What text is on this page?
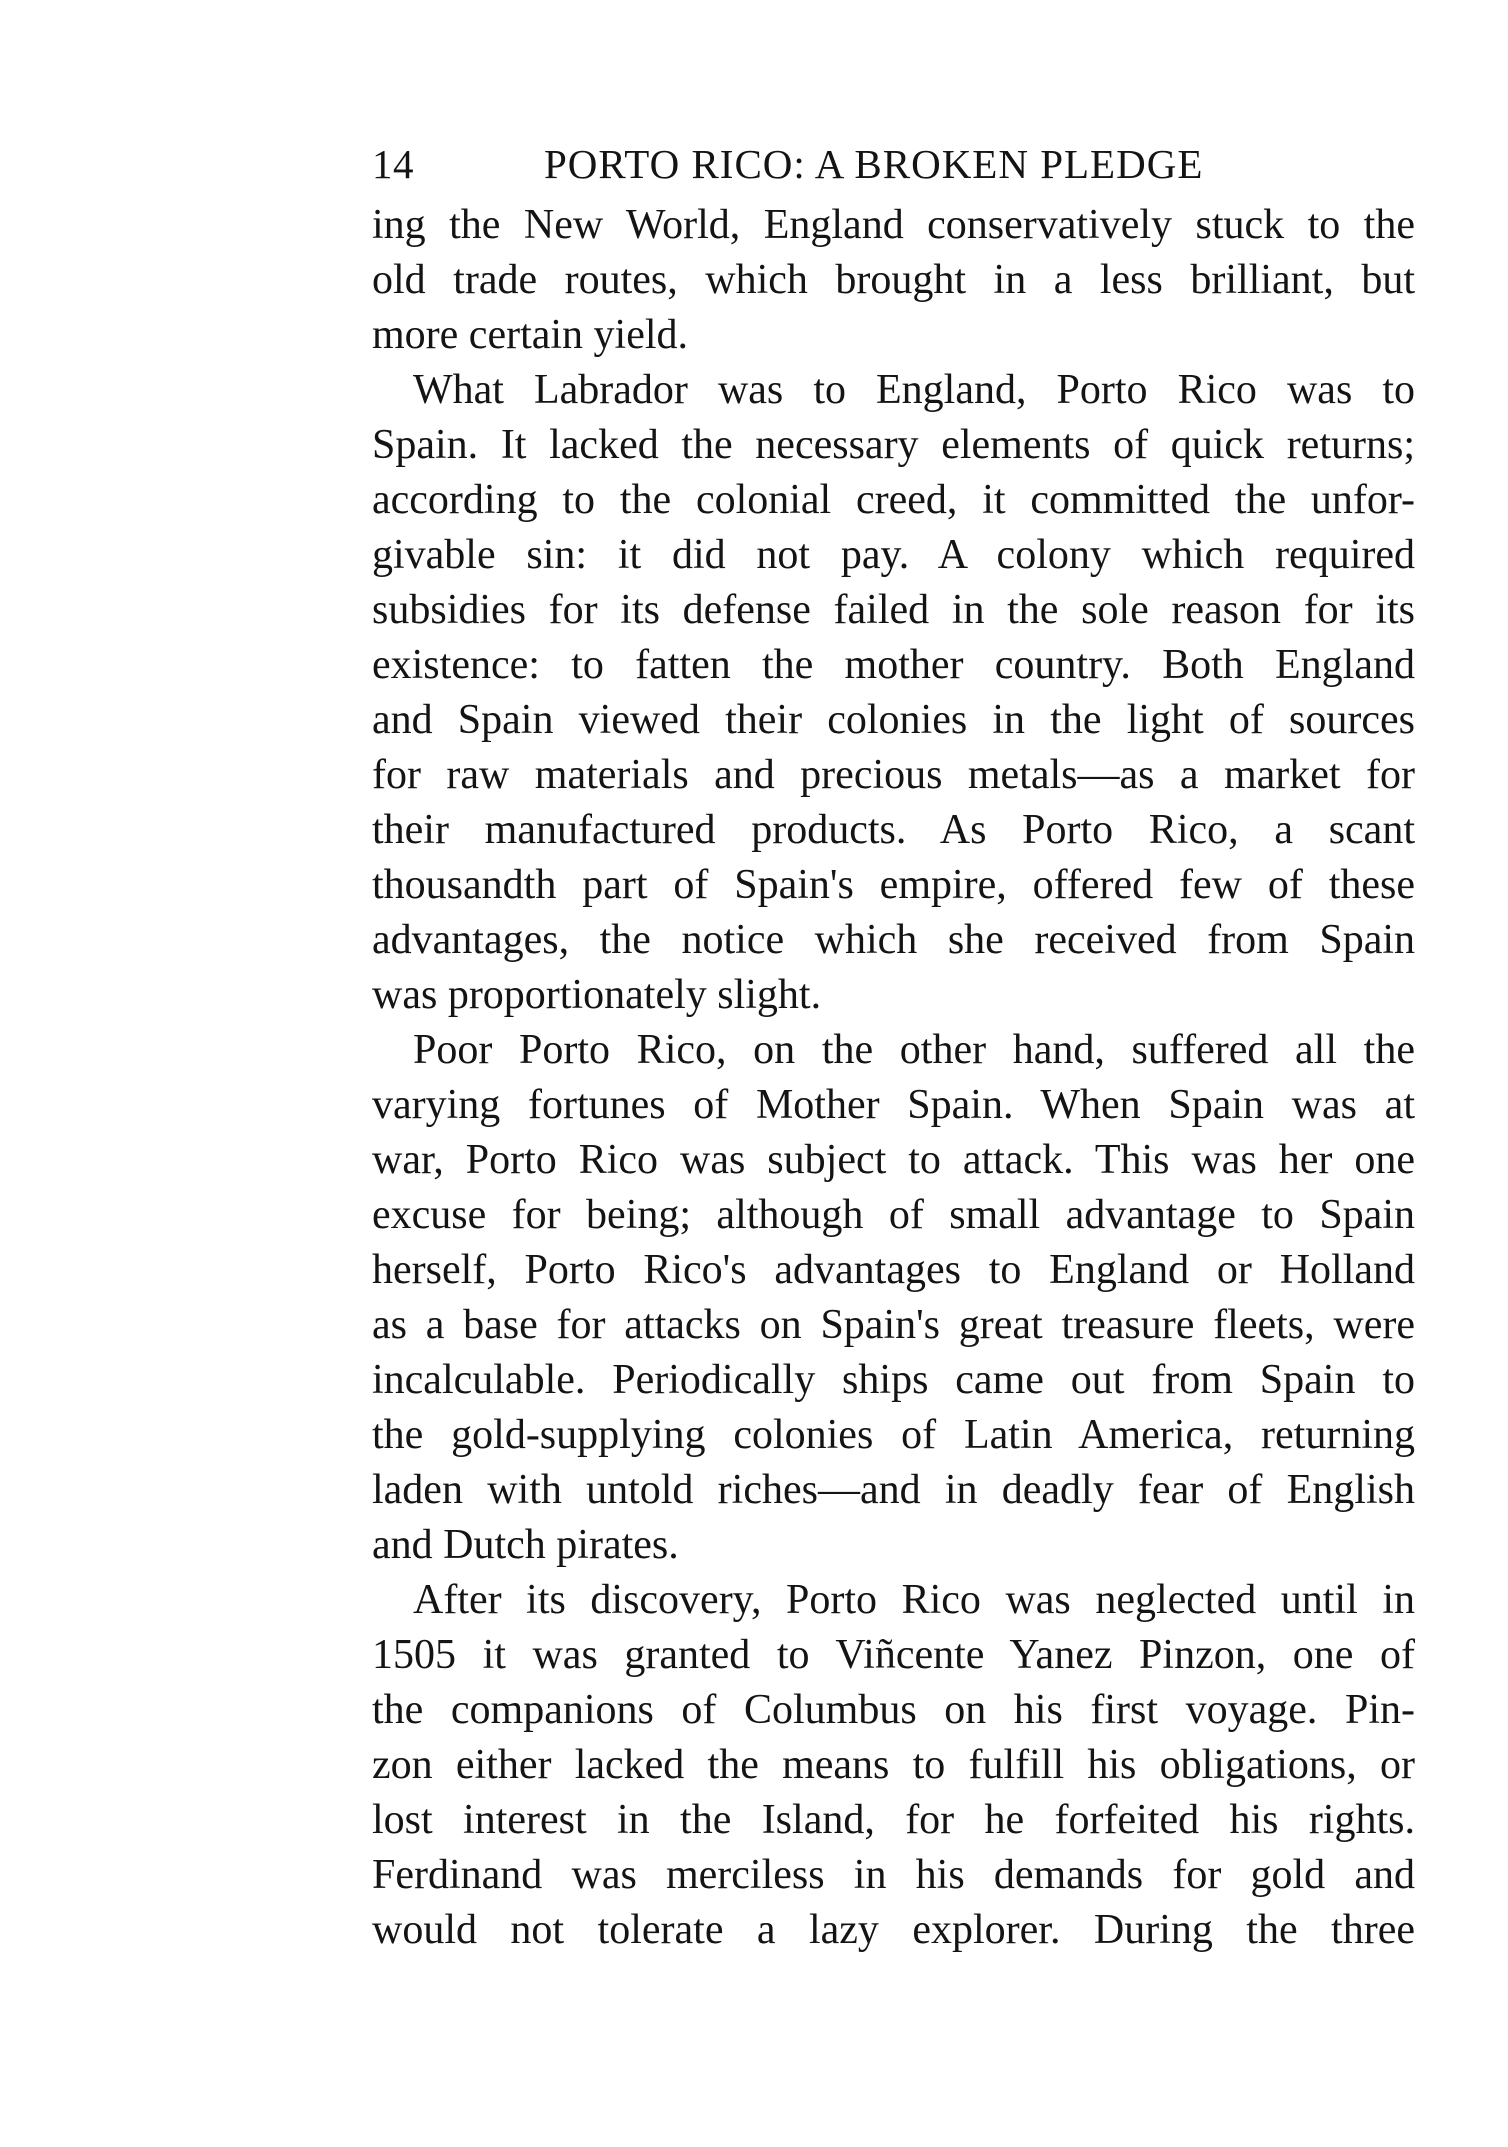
14	PORTO RICO: A BROKEN PLEDGE

ing the New World, England conservatively stuck to the
old trade routes, which brought in a less brilliant, but
more certain yield.

What Labrador was to England, Porto Rico was to
Spain. It lacked the necessary elements of quick returns;
according to the colonial creed, it committed the unfor-
givable sin: it did not pay. A colony which required
subsidies for its defense failed in the sole reason for its
existence: to fatten the mother country. Both England
and Spain viewed their colonies in the light of sources
for raw materials and precious metals—as a market for
their manufactured products. As Porto Rico, a scant
thousandth part of Spain's empire, offered few of these
advantages, the notice which she received from Spain
was proportionately slight.

Poor Porto Rico, on the other hand, suffered all the
varying fortunes of Mother Spain. When Spain was at
war, Porto Rico was subject to attack. This was her one
excuse for being; although of small advantage to Spain
herself, Porto Rico's advantages to England or Holland
as a base for attacks on Spain's great treasure fleets, were
incalculable. Periodically ships came out from Spain to
the gold-supplying colonies of Latin America, returning
laden with untold riches—and in deadly fear of English
and Dutch pirates.

After its discovery, Porto Rico was neglected until in
1505 it was granted to Viñcente Yanez Pinzon, one of
the companions of Columbus on his first voyage. Pin-
zon either lacked the means to fulfill his obligations, or
lost interest in the Island, for he forfeited his rights.
Ferdinand was merciless in his demands for gold and
would not tolerate a lazy explorer. During the three
